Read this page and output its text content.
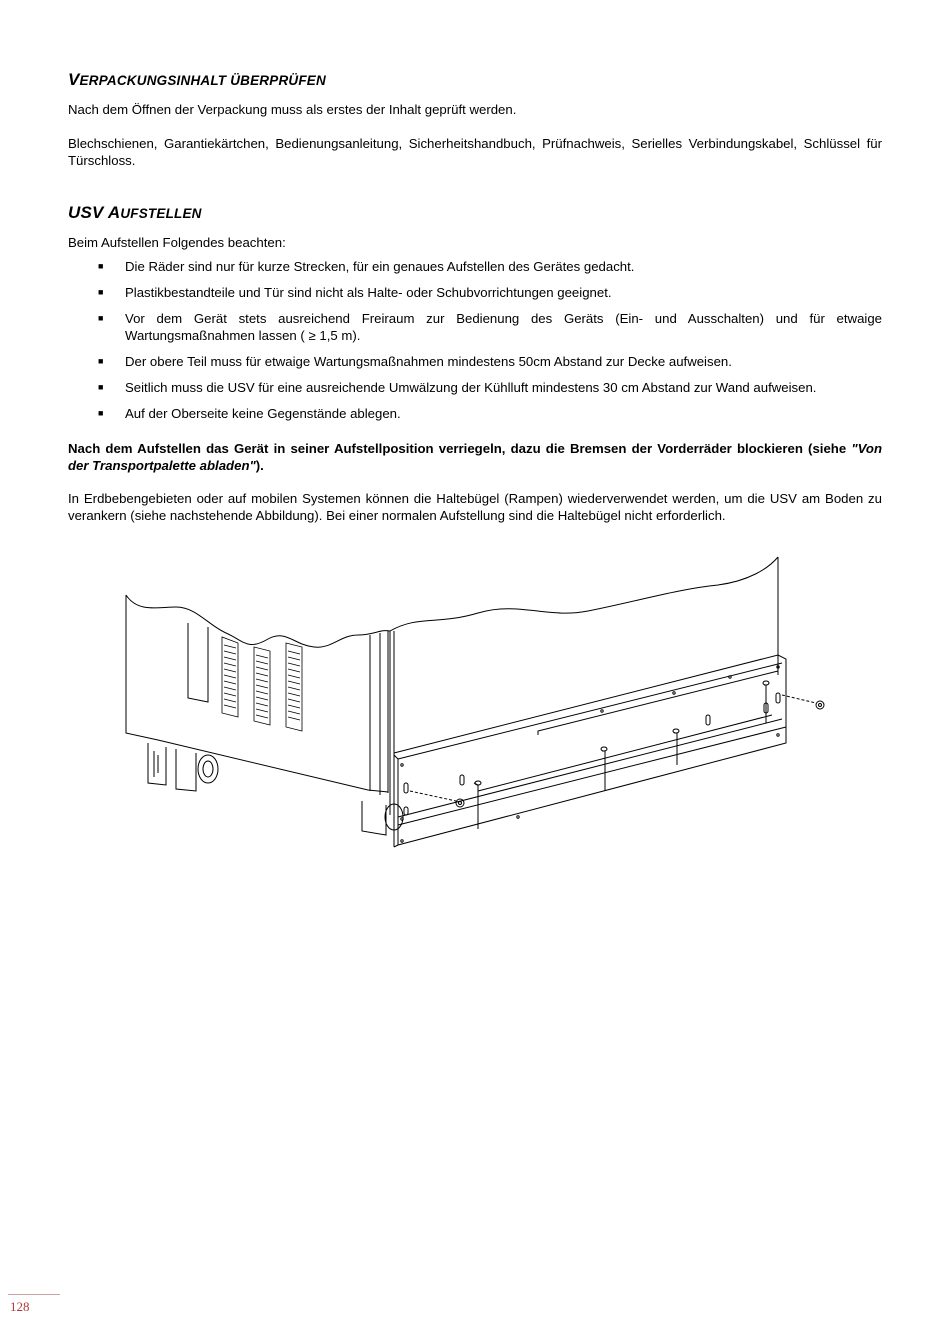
VERPACKUNGSINHALT ÜBERPRÜFEN

Nach dem Öffnen der Verpackung muss als erstes der Inhalt geprüft werden.

Blechschienen, Garantiekärtchen, Bedienungsanleitung, Sicherheitshandbuch, Prüfnachweis, Serielles Verbindungskabel, Schlüssel für Türschloss.

USV AUFSTELLEN

Beim Aufstellen Folgendes beachten:

■ Die Räder sind nur für kurze Strecken, für ein genaues Aufstellen des Gerätes gedacht.
■ Plastikbestandteile und Tür sind nicht als Halte- oder Schubvorrichtungen geeignet.
■ Vor dem Gerät stets ausreichend Freiraum zur Bedienung des Geräts (Ein- und Ausschalten) und für etwaige Wartungsmaßnahmen lassen ( ≥ 1,5 m).
■ Der obere Teil muss für etwaige Wartungsmaßnahmen mindestens 50cm Abstand zur Decke aufweisen.
■ Seitlich muss die USV für eine ausreichende Umwälzung der Kühlluft mindestens 30 cm Abstand zur Wand aufweisen.
■ Auf der Oberseite keine Gegenstände ablegen.

Nach dem Aufstellen das Gerät in seiner Aufstellposition verriegeln, dazu die Bremsen der Vorderräder blockieren (siehe "Von der Transportpalette abladen").

In Erdbebengebieten oder auf mobilen Systemen können die Haltebügel (Rampen) wiederverwendet werden, um die USV am Boden zu verankern (siehe nachstehende Abbildung). Bei einer normalen Aufstellung sind die Haltebügel nicht erforderlich.

128
